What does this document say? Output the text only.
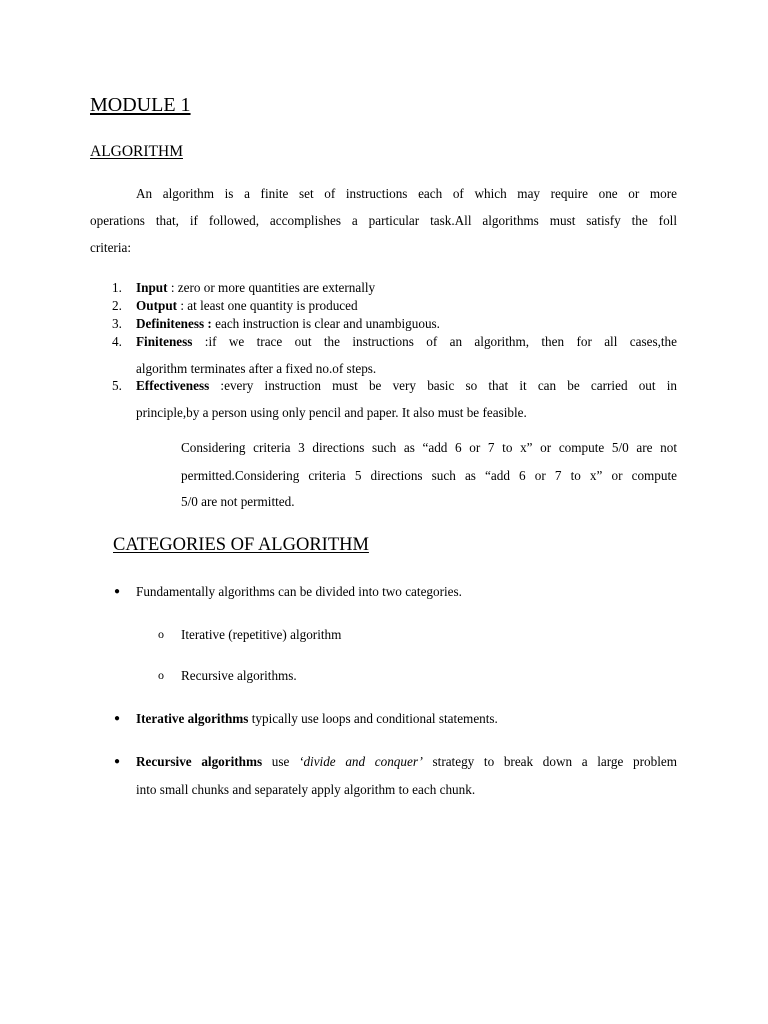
MODULE 1
ALGORITHM
An algorithm is a finite set of instructions each of which may require one or more
operations that, if followed, accomplishes a particular task.All algorithms must satisfy the foll
criteria:
1. Input : zero or more quantities are externally
2. Output : at least one quantity is produced
3. Definiteness : each instruction is clear and unambiguous.
4. Finiteness :if we trace out the instructions of an algorithm, then for all cases,the
algorithm terminates after a fixed no.of steps.
5. Effectiveness :every instruction must be very basic so that it can be carried out in
principle,by a person using only pencil and paper. It also must be feasible.
Considering criteria 3 directions such as “add 6 or 7 to x” or compute 5/0 are not
permitted.Considering criteria 5 directions such as “add 6 or 7 to x” or compute
5/0 are not permitted.
CATEGORIES OF ALGORITHM
● Fundamentally algorithms can be divided into two categories.
o Iterative (repetitive) algorithm
o Recursive algorithms.
● Iterative algorithms typically use loops and conditional statements.
● Recursive algorithms use ‘divide and conquer’ strategy to break down a large problem
into small chunks and separately apply algorithm to each chunk.
